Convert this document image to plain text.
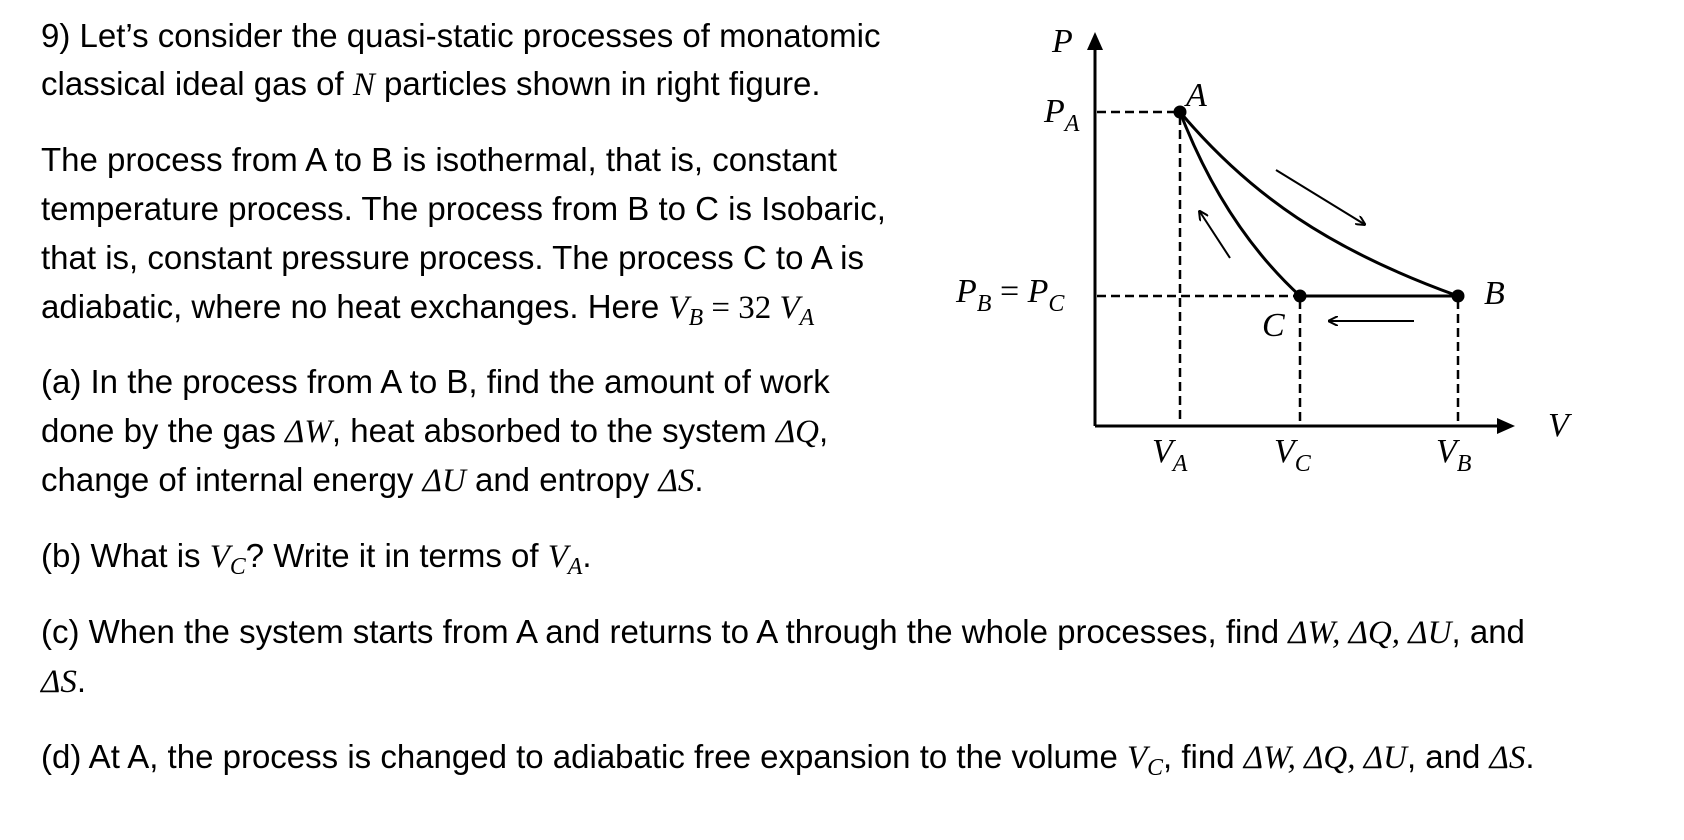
9) Let’s consider the quasi-static processes of monatomic
classical ideal gas of N particles shown in right figure.
The process from A to B is isothermal, that is, constant
temperature process. The process from B to C is Isobaric,
that is, constant pressure process. The process C to A is
adiabatic, where no heat exchanges. Here $V_B = 32$ $V_A$
(a) In the process from A to B, find the amount of work
done by the gas ΔW, heat absorbed to the system ΔQ,
change of internal energy ΔU and entropy ΔS.
(b) What is $V_C$? Write it in terms of $V_A$.
(c) When the system starts from A and returns to A through the whole processes, find ΔW, ΔQ, ΔU, and
ΔS.
(d) At A, the process is changed to adiabatic free expansion to the volume $V_C$, find ΔW, ΔQ, ΔU, and ΔS.
P
V
$P_A$
$P_B = P_C$
A
B
C
$V_A$	$V_C$	$V_B$
